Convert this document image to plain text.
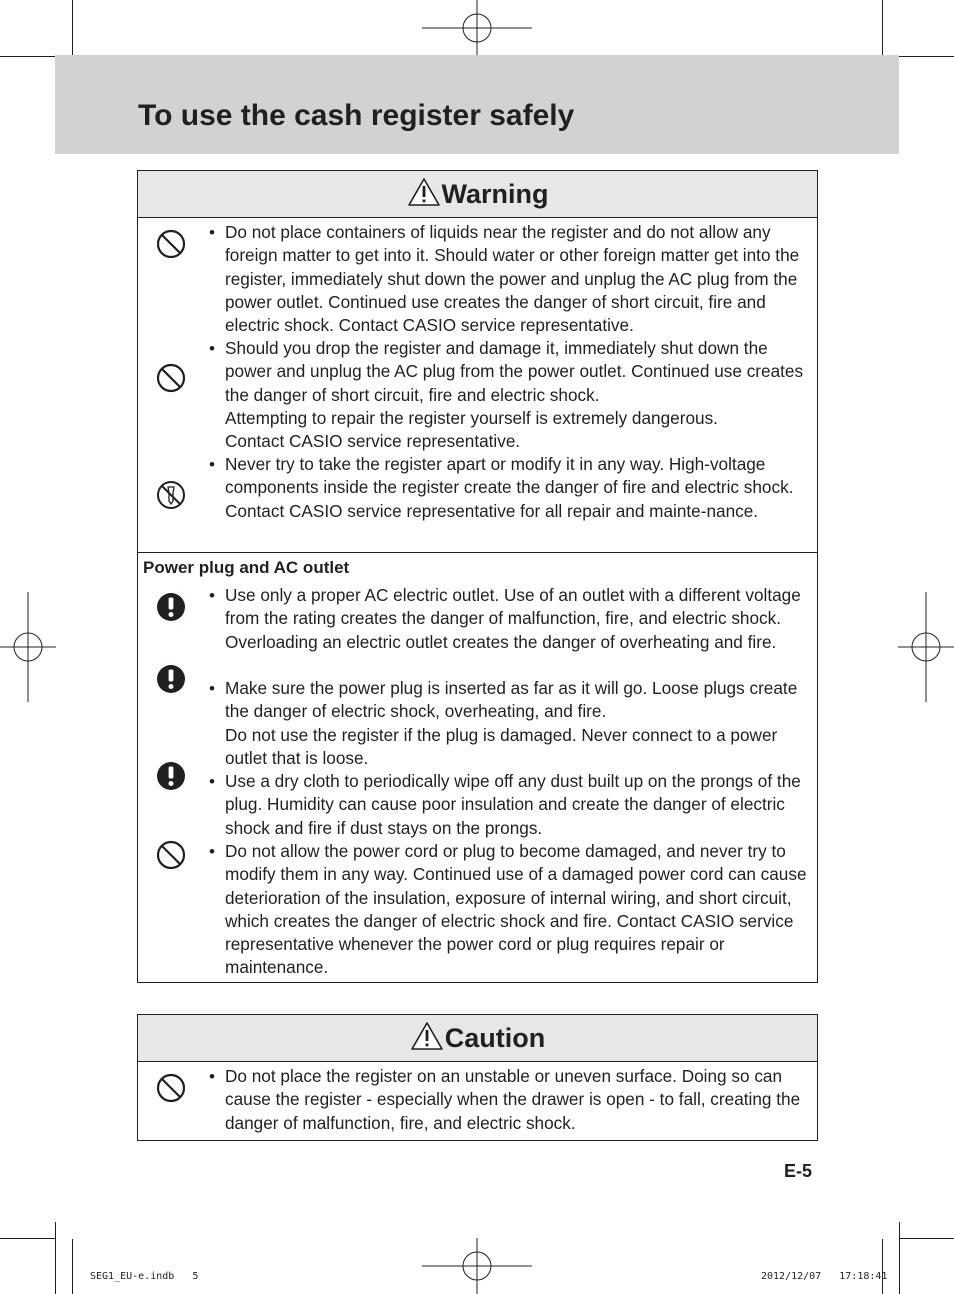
To use the cash register safely
Warning
• Do not place containers of liquids near the register and do not allow any foreign matter to get into it. Should water or other foreign matter get into the register, immediately shut down the power and unplug the AC plug from the power outlet. Continued use creates the danger of short circuit, fire and electric shock. Contact CASIO service representative.

• Should you drop the register and damage it, immediately shut down the power and unplug the AC plug from the power outlet. Continued use creates the danger of short circuit, fire and electric shock.
Attempting to repair the register yourself is extremely dangerous.
Contact CASIO service representative.

• Never try to take the register apart or modify it in any way. High-voltage components inside the register create the danger of fire and electric shock. Contact CASIO service representative for all repair and mainte-nance.

Power plug and AC outlet
• Use only a proper AC electric outlet. Use of an outlet with a different voltage from the rating creates the danger of malfunction, fire, and electric shock. Overloading an electric outlet creates the danger of overheating and fire.

• Make sure the power plug is inserted as far as it will go. Loose plugs create the danger of electric shock, overheating, and fire.
Do not use the register if the plug is damaged. Never connect to a power outlet that is loose.

• Use a dry cloth to periodically wipe off any dust built up on the prongs of the plug. Humidity can cause poor insulation and create the danger of electric shock and fire if dust stays on the prongs.

• Do not allow the power cord or plug to become damaged, and never try to modify them in any way. Continued use of a damaged power cord can cause deterioration of the insulation, exposure of internal wiring, and short circuit, which creates the danger of electric shock and fire. Contact CASIO service representative whenever the power cord or plug requires repair or maintenance.

Caution
• Do not place the register on an unstable or uneven surface. Doing so can cause the register - especially when the drawer is open - to fall, creating the danger of malfunction, fire, and electric shock.

E-5
SEG1_EU-e.indb   5	2012/12/07   17:18:41
